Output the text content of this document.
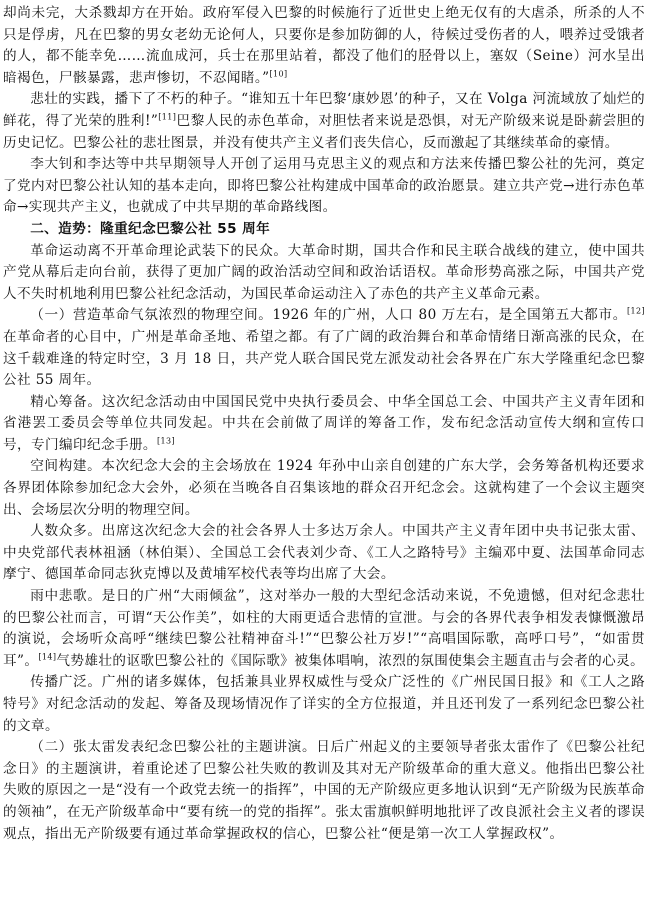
却尚未完，大杀戮却方在开始。政府军侵入巴黎的时候施行了近世史上绝无仅有的大虐杀，所杀的人不只是俘虏，凡在巴黎的男女老幼无论何人，只要你是参加防御的人，待候过受伤者的人，喂养过受饿者的人，都不能幸免……流血成河，兵士在那里站着，都没了他们的胫骨以上，塞奴（Seine）河水呈出暗褐色，尸骸暴露，悲声惨切，不忍闻睹。”[10]

悲壮的实践，播下了不朽的种子。“谁知五十年巴黎‘康妙恩’的种子，又在 Volga 河流域放了灿烂的鲜花，得了光荣的胜利!”[11]巴黎人民的赤色革命，对胆怯者来说是恐惧，对无产阶级来说是卧薪尝胆的历史记忆。巴黎公社的悲壮图景，并没有使共产主义者们丧失信心，反而激起了其继续革命的豪情。

李大钊和李达等中共早期领导人开创了运用马克思主义的观点和方法来传播巴黎公社的先河，奠定了党内对巴黎公社认知的基本走向，即将巴黎公社构建成中国革命的政治愿景。建立共产党→进行赤色革命→实现共产主义，也就成了中共早期的革命路线图。

二、造势：隆重纪念巴黎公社 55 周年

革命运动离不开革命理论武装下的民众。大革命时期，国共合作和民主联合战线的建立，使中国共产党从幕后走向台前，获得了更加广阔的政治活动空间和政治话语权。革命形势高涨之际，中国共产党人不失时机地利用巴黎公社纪念活动，为国民革命运动注入了赤色的共产主义革命元素。

（一）营造革命气氛浓烈的物理空间。1926 年的广州，人口 80 万左右，是全国第五大都市。[12]在革命者的心目中，广州是革命圣地、希望之都。有了广阔的政治舞台和革命情绪日渐高涨的民众，在这千载难逢的特定时空，3 月 18 日，共产党人联合国民党左派发动社会各界在广东大学隆重纪念巴黎公社 55 周年。

精心筹备。这次纪念活动由中国国民党中央执行委员会、中华全国总工会、中国共产主义青年团和省港罢工委员会等单位共同发起。中共在会前做了周详的筹备工作，发布纪念活动宣传大纲和宣传口号，专门编印纪念手册。[13]

空间构建。本次纪念大会的主会场放在 1924 年孙中山亲自创建的广东大学，会务筹备机构还要求各界团体除参加纪念大会外，必须在当晚各自召集该地的群众召开纪念会。这就构建了一个会议主题突出、会场层次分明的物理空间。

人数众多。出席这次纪念大会的社会各界人士多达万余人。中国共产主义青年团中央书记张太雷、中央党部代表林祖涵（林伯渠）、全国总工会代表刘少奇、《工人之路特号》主编邓中夏、法国革命同志摩宁、德国革命同志狄克博以及黄埔军校代表等均出席了大会。

雨中悲歌。是日的广州“大雨倾盆”，这对举办一般的大型纪念活动来说，不免遗憾，但对纪念悲壮的巴黎公社而言，可谓“天公作美”，如柱的大雨更适合悲情的宣泄。与会的各界代表争相发表慷慨激昂的演说，会场听众高呼“继续巴黎公社精神奋斗!”“巴黎公社万岁!”“高唱国际歌，高呼口号”，“如雷贯耳”。[14]气势雄壮的讴歌巴黎公社的《国际歌》被集体唱响，浓烈的氛围使集会主题直击与会者的心灵。

传播广泛。广州的诸多媒体，包括兼具业界权威性与受众广泛性的《广州民国日报》和《工人之路特号》对纪念活动的发起、筹备及现场情况作了详实的全方位报道，并且还刊发了一系列纪念巴黎公社的文章。

（二）张太雷发表纪念巴黎公社的主题讲演。日后广州起义的主要领导者张太雷作了《巴黎公社纪念日》的主题演讲，着重论述了巴黎公社失败的教训及其对无产阶级革命的重大意义。他指出巴黎公社失败的原因之一是“没有一个政党去统一的指挥”，中国的无产阶级应更多地认识到“无产阶级为民族革命的领袖”，在无产阶级革命中“要有统一的党的指挥”。张太雷旗帜鲜明地批评了改良派社会主义者的谬误观点，指出无产阶级要有通过革命掌握政权的信心，巴黎公社“便是第一次工人掌握政权”。
